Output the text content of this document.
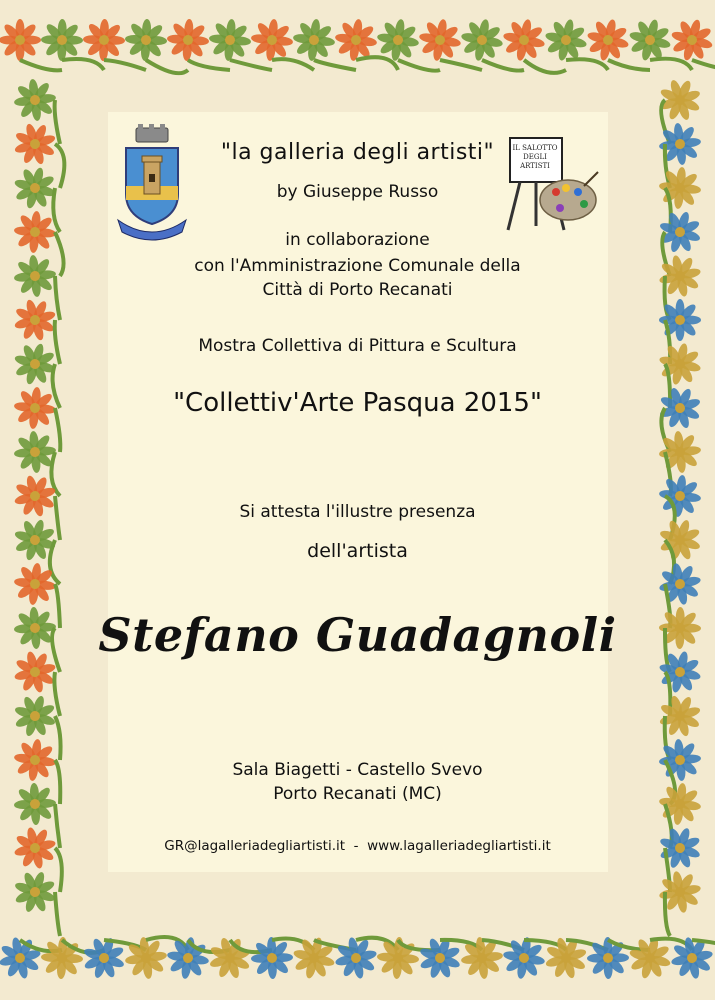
IL SALOTTO DEGLI ARTISTI
"la galleria degli artisti"
by Giuseppe Russo
in collaborazione
con l'Amministrazione Comunale della
Città di Porto Recanati
Mostra Collettiva di Pittura e Scultura
"Collettiv'Arte Pasqua 2015"
Si attesta l'illustre presenza
dell'artista
Stefano Guadagnoli
Sala Biagetti - Castello Svevo
Porto Recanati (MC)
GR@lagalleriadegliartisti.it  -  www.lagalleriadegliartisti.it
